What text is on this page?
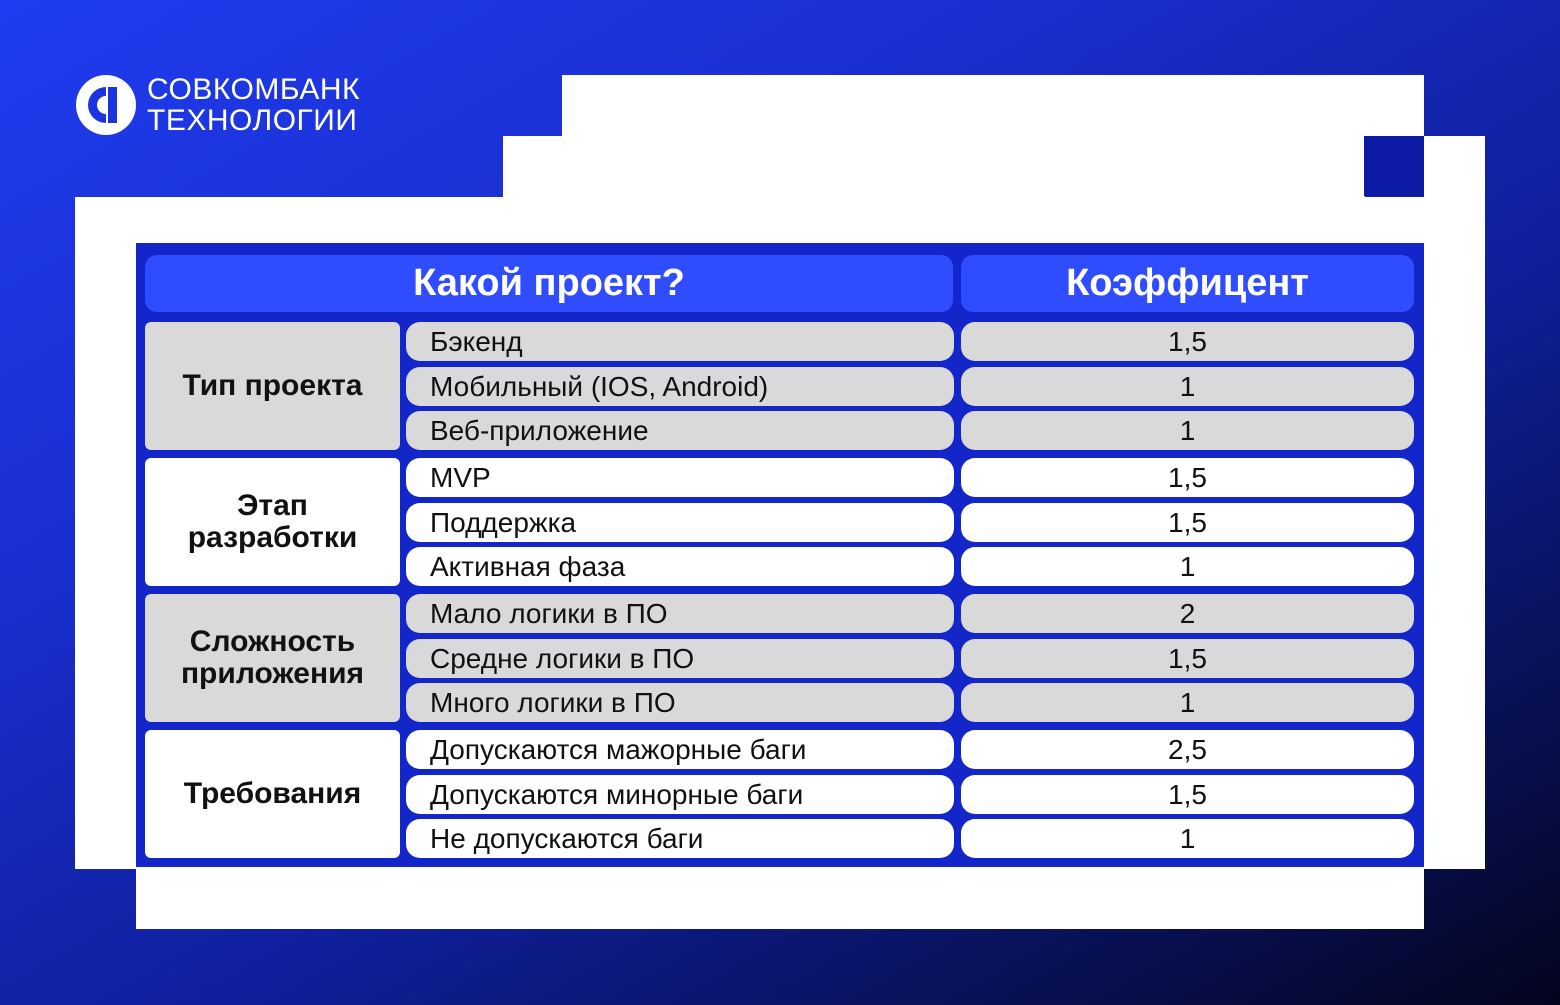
СОВКОМБАНК
ТЕХНОЛОГИИ
Какой проект?	Коэффицент
Тип проекта
Бэкенд	1,5
Мобильный (IOS, Android)	1
Веб-приложение	1
Этап разработки
MVP	1,5
Поддержка	1,5
Активная фаза	1
Сложность приложения
Мало логики в ПО	2
Средне логики в ПО	1,5
Много логики в ПО	1
Требования
Допускаются мажорные баги	2,5
Допускаются минорные баги	1,5
Не допускаются баги	1
